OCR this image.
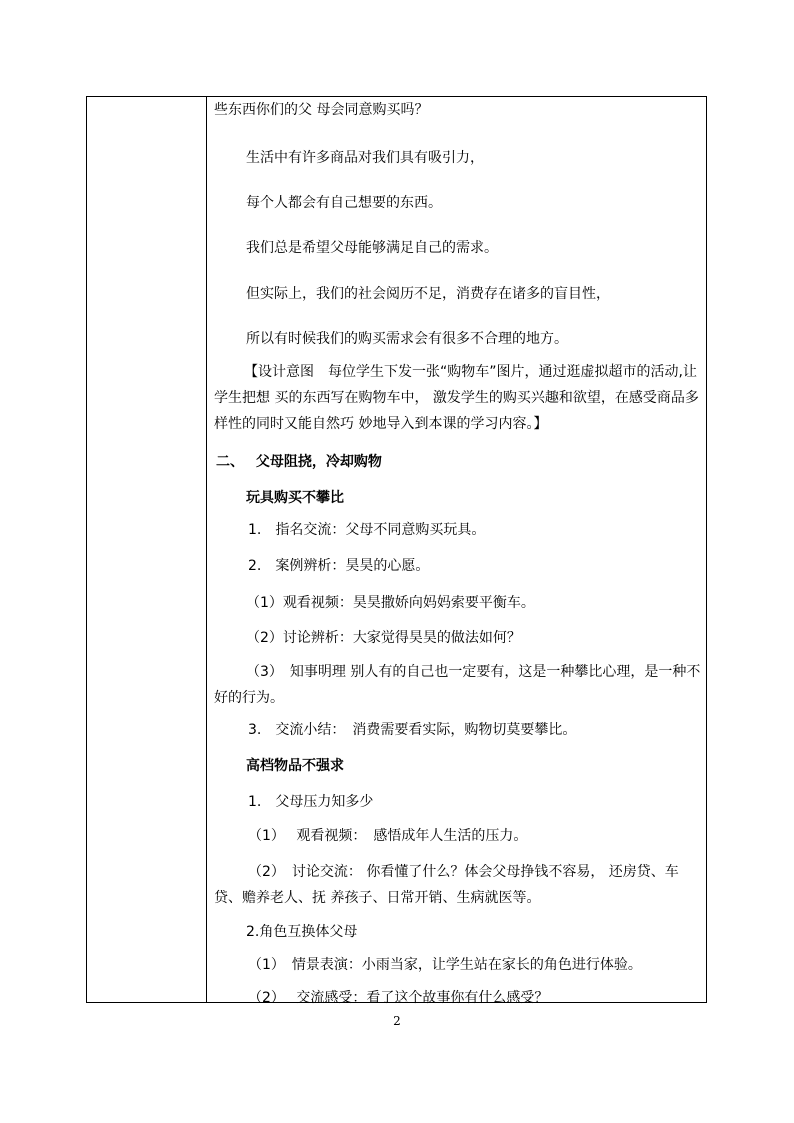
些东西你们的父 母会同意购买吗？
生活中有许多商品对我们具有吸引力，
每个人都会有自己想要的东西。
我们总是希望父母能够满足自己的需求。
但实际上，我们的社会阅历不足，消费存在诸多的盲目性，
所以有时候我们的购买需求会有很多不合理的地方。
【设计意图　每位学生下发一张“购物车”图片，通过逛虚拟超市的活动,让学生把想 买的东西写在购物车中， 激发学生的购买兴趣和欲望，在感受商品多样性的同时又能自然巧 妙地导入到本课的学习内容。】
二、　 父母阻挠，冷却购物
玩具购买不攀比
1.　指名交流：父母不同意购买玩具。
2.　案例辨析：昊昊的心愿。
（1）观看视频：昊昊撒娇向妈妈索要平衡车。
（2）讨论辨析：大家觉得昊昊的做法如何？
（3）　知事明理 别人有的自己也一定要有，这是一种攀比心理，是一种不好的行为。
3.　交流小结：　消费需要看实际，购物切莫要攀比。
高档物品不强求
1.　父母压力知多少
（1）　 观看视频：　感悟成年人生活的压力。
（2）　讨论交流： 你看懂了什么？体会父母挣钱不容易， 还房贷、车贷、赡养老人、抚 养孩子、日常开销、生病就医等。
2.角色互换体父母
（1）　情景表演：小雨当家，让学生站在家长的角色进行体验。
（2）　 交流感受：看了这个故事你有什么感受？
2
